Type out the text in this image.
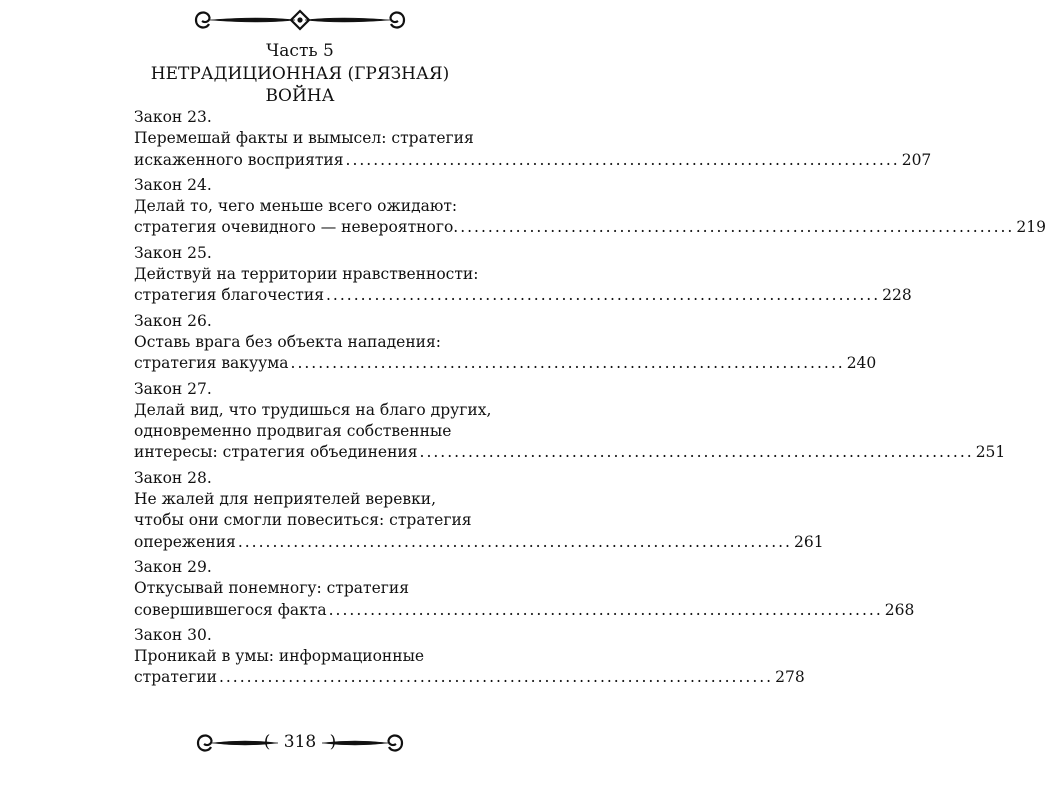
Часть 5
НЕТРАДИЦИОННАЯ (ГРЯЗНАЯ)
ВОЙНА
Закон 23.
Перемешай факты и вымысел: стратегия
искаженного восприятия ................................................................................ 207
Закон 24.
Делай то, чего меньше всего ожидают:
стратегия очевидного — невероятного. ................................................................................ 219
Закон 25.
Действуй на территории нравственности:
стратегия благочестия ................................................................................ 228
Закон 26.
Оставь врага без объекта нападения:
стратегия вакуума ................................................................................ 240
Закон 27.
Делай вид, что трудишься на благо других,
одновременно продвигая собственные
интересы: стратегия объединения ................................................................................ 251
Закон 28.
Не жалей для неприятелей веревки,
чтобы они смогли повеситься: стратегия
опережения ................................................................................ 261
Закон 29.
Откусывай понемногу: стратегия
совершившегося факта ................................................................................ 268
Закон 30.
Проникай в умы: информационные
стратегии ................................................................................ 278
( 318 )
